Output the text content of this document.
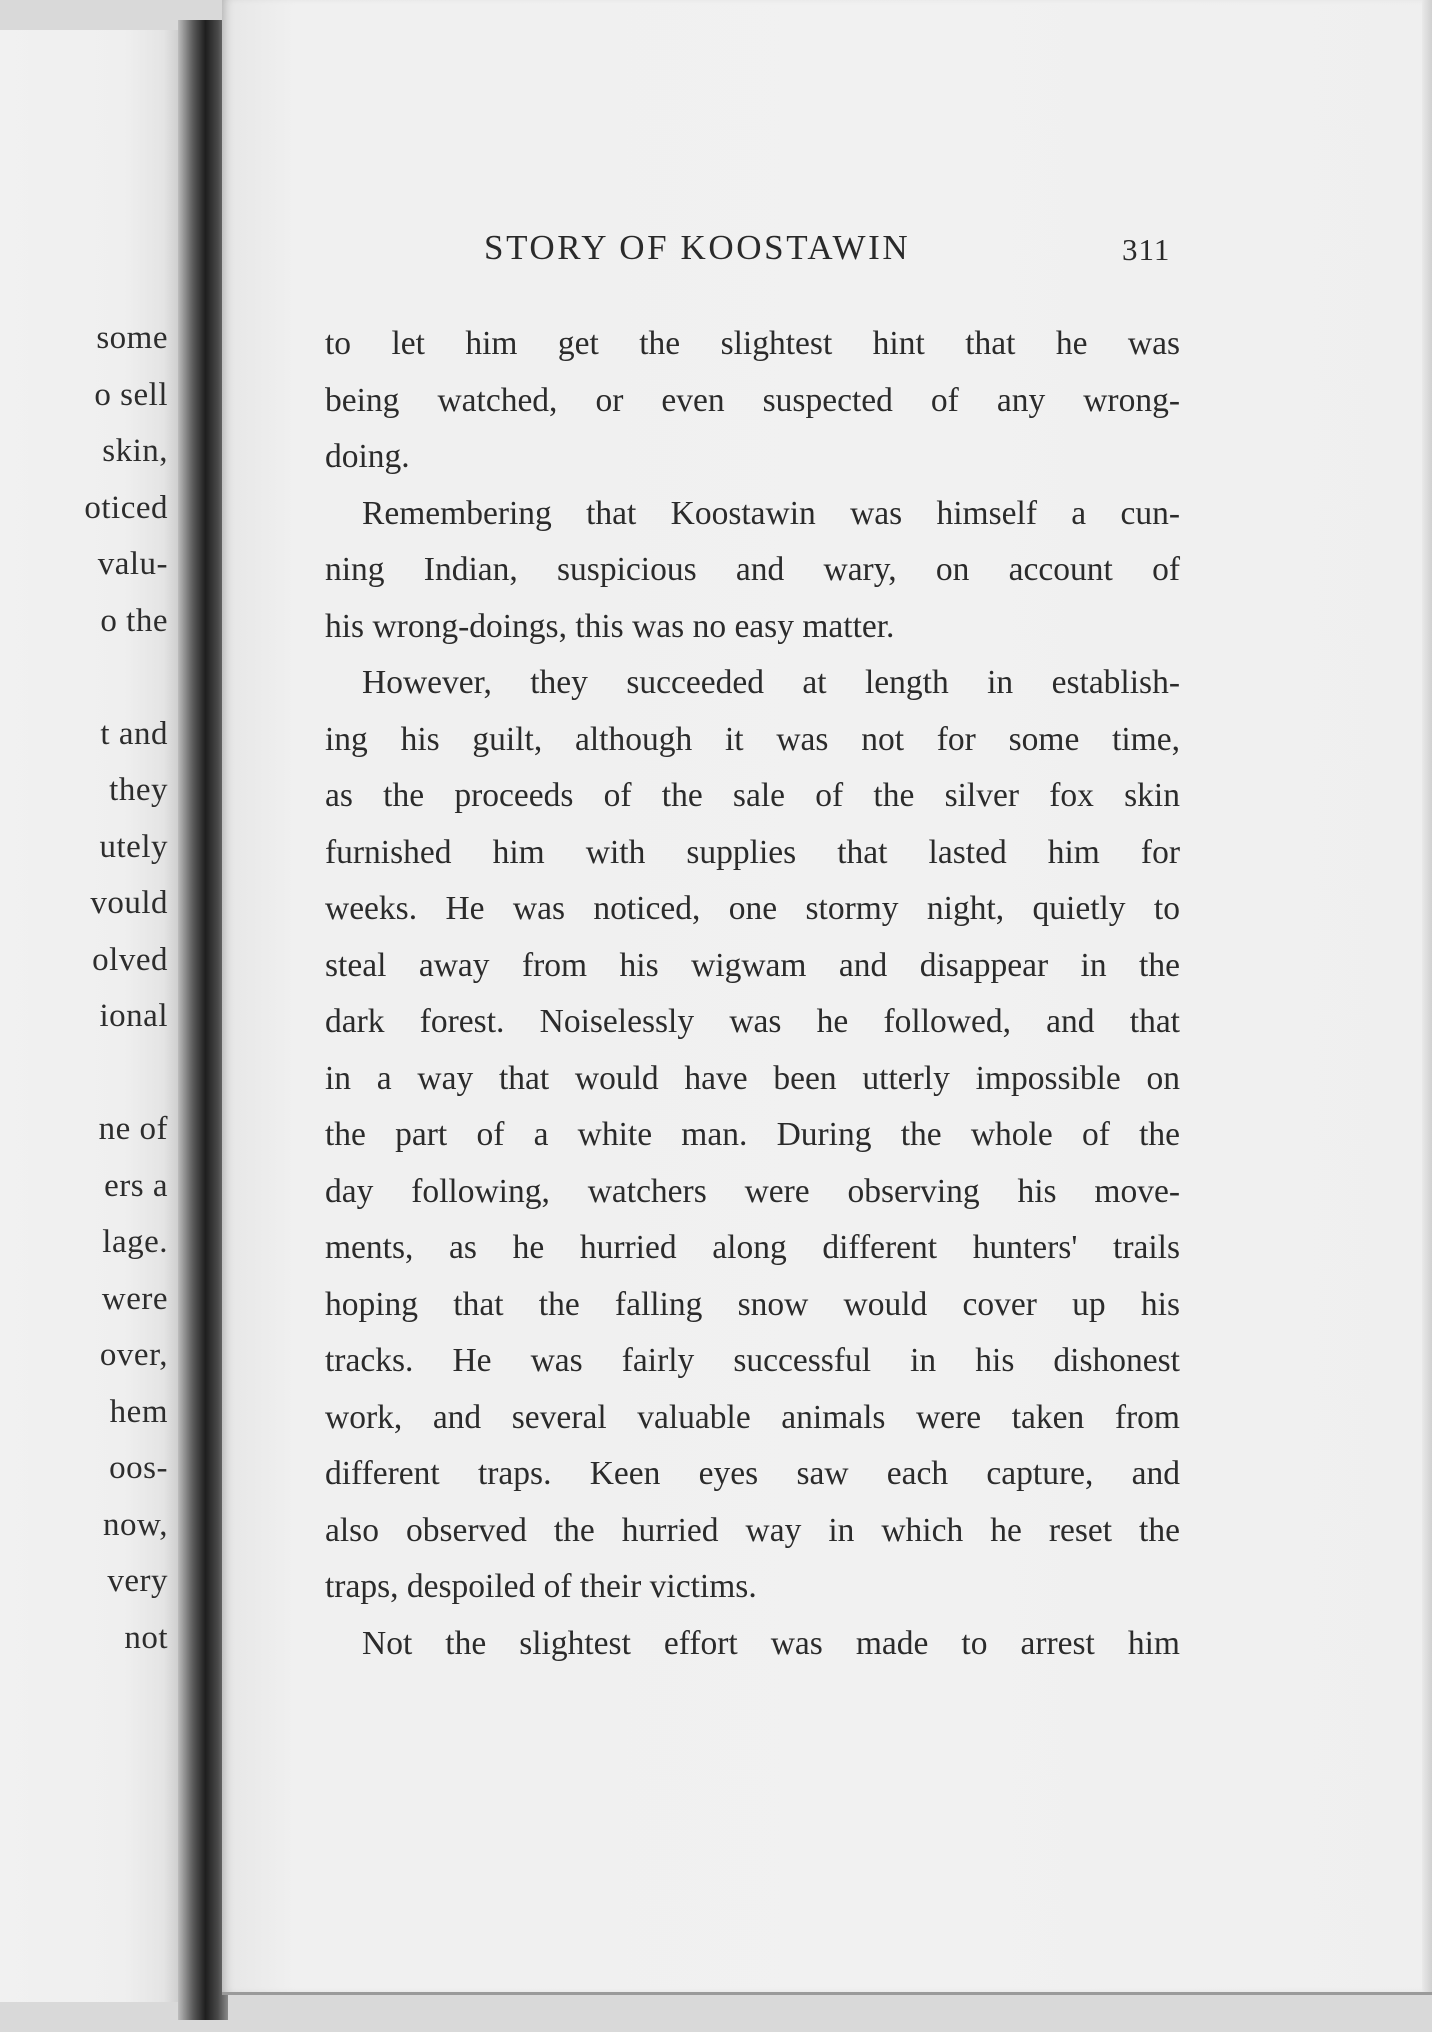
some
o sell
skin,
oticed
valu-
o the
t and
they
utely
vould
olved
ional
ne of
ers a
lage.
were
over,
hem
oos-
now,
very
not
STORY OF KOOSTAWIN	311
to let him get the slightest hint that he was
being watched, or even suspected of any wrong-
doing.
Remembering that Koostawin was himself a cun-
ning Indian, suspicious and wary, on account of
his wrong-doings, this was no easy matter.
However, they succeeded at length in establish-
ing his guilt, although it was not for some time,
as the proceeds of the sale of the silver fox skin
furnished him with supplies that lasted him for
weeks. He was noticed, one stormy night, quietly to
steal away from his wigwam and disappear in the
dark forest. Noiselessly was he followed, and that
in a way that would have been utterly impossible on
the part of a white man. During the whole of the
day following, watchers were observing his move-
ments, as he hurried along different hunters' trails
hoping that the falling snow would cover up his
tracks. He was fairly successful in his dishonest
work, and several valuable animals were taken from
different traps. Keen eyes saw each capture, and
also observed the hurried way in which he reset the
traps, despoiled of their victims.
Not the slightest effort was made to arrest him
